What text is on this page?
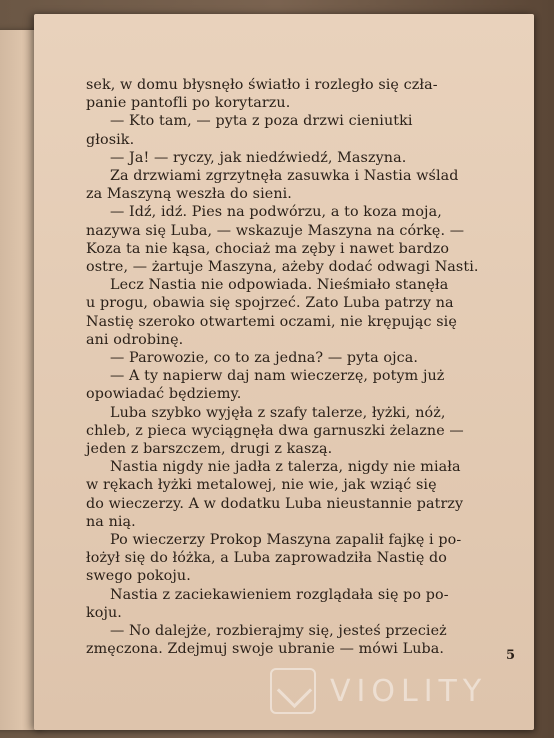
sek, w domu błysnęło światło i rozległo się czła-
panie pantofli po korytarzu.
— Kto tam, — pyta z poza drzwi cieniutki
głosik.
— Ja! — ryczy, jak niedźwiedź, Maszyna.
Za drzwiami zgrzytnęła zasuwka i Nastia wślad
za Maszyną weszła do sieni.
— Idź, idź. Pies na podwórzu, a to koza moja,
nazywa się Luba, — wskazuje Maszyna na córkę. —
Koza ta nie kąsa, chociaż ma zęby i nawet bardzo
ostre, — żartuje Maszyna, ażeby dodać odwagi Nasti.
Lecz Nastia nie odpowiada. Nieśmiało stanęła
u progu, obawia się spojrzeć. Zato Luba patrzy na
Nastię szeroko otwartemi oczami, nie krępując się
ani odrobinę.
— Parowozie, co to za jedna? — pyta ojca.
— A ty napierw daj nam wieczerzę, potym już
opowiadać będziemy.
Luba szybko wyjęła z szafy talerze, łyżki, nóż,
chleb, z pieca wyciągnęła dwa garnuszki żelazne —
jeden z barszczem, drugi z kaszą.
Nastia nigdy nie jadła z talerza, nigdy nie miała
w rękach łyżki metalowej, nie wie, jak wziąć się
do wieczerzy. A w dodatku Luba nieustannie patrzy
na nią.
Po wieczerzy Prokop Maszyna zapalił fajkę i po-
łożył się do łóżka, a Luba zaprowadziła Nastię do
swego pokoju.
Nastia z zaciekawieniem rozglądała się po po-
koju.
— No dalejże, rozbierajmy się, jesteś przecież
zmęczona. Zdejmuj swoje ubranie — mówi Luba.	5
VIOLITY
